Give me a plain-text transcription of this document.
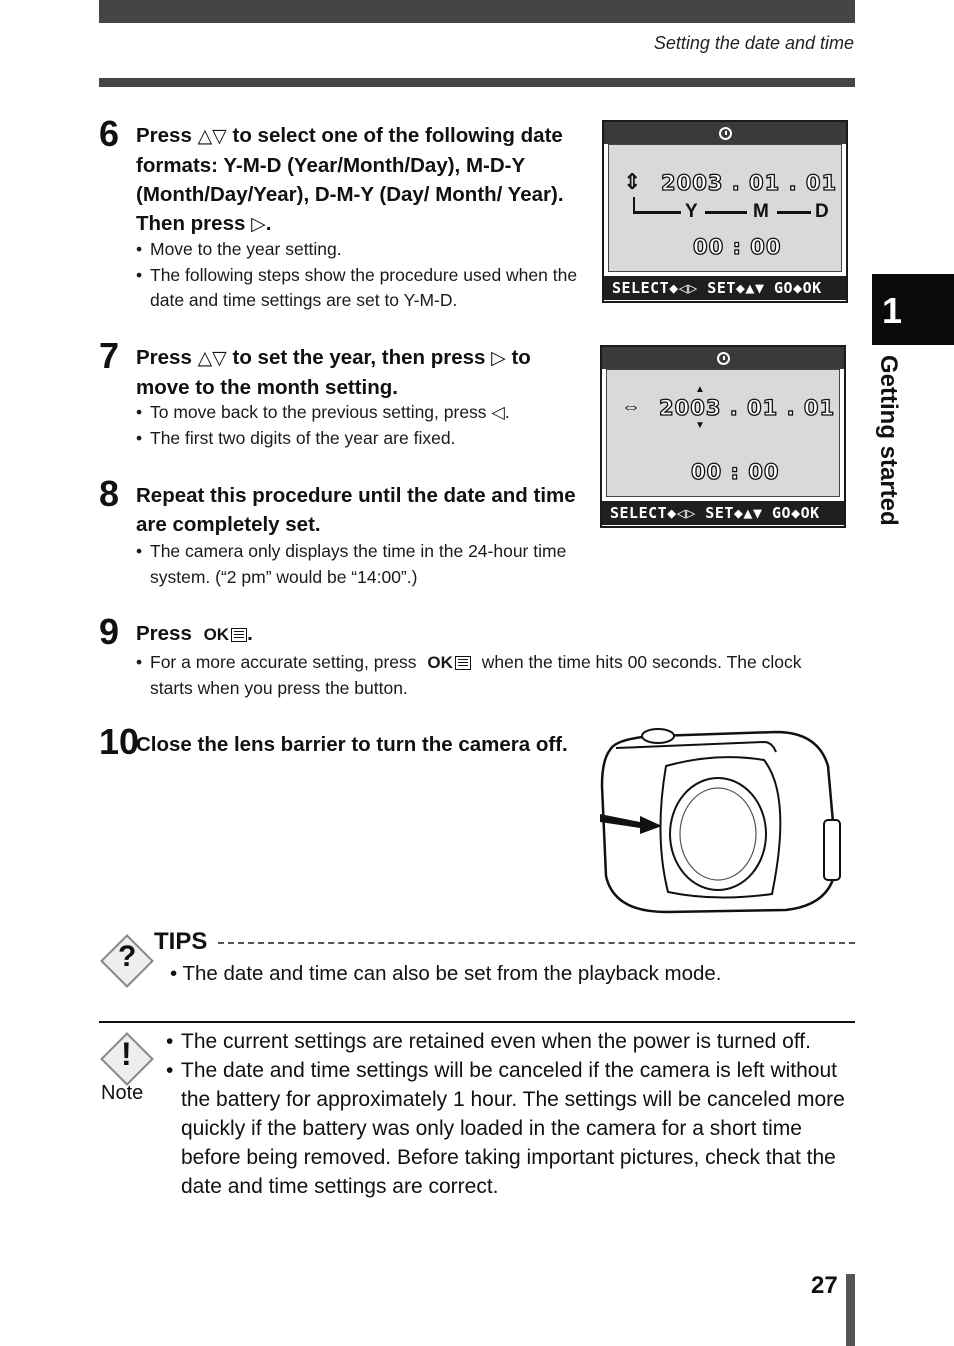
Setting the date and time
1
Getting started
6 Press △▽ to select one of the following date formats: Y-M-D (Year/Month/Day), M-D-Y (Month/Day/Year), D-M-Y (Day/ Month/ Year). Then press ▷.
• Move to the year setting.
• The following steps show the procedure used when the date and time settings are set to Y-M-D.
⇕ 2003 . 01 . 01
Y	M D
00 : 00
SELECT◆◁▷ SET◆▲▼ GO◆OK
7 Press △▽ to set the year, then press ▷ to move to the month setting.
• To move back to the previous setting, press ◁.
• The first two digits of the year are fixed.
⇔
▲
2003 . 01 . 01
▼
00 : 00
SELECT◆◁▷ SET◆▲▼ GO◆OK
8 Repeat this procedure until the date and time are completely set.
• The camera only displays the time in the 24-hour time system. (“2 pm” would be “14:00”.)
9 Press OK .
• For a more accurate setting, press OK when the time hits 00 seconds. The clock starts when you press the button.
10
Close the lens barrier to turn the camera off.
? TIPS
• The date and time can also be set from the playback mode.
!
Note
• The current settings are retained even when the power is turned off.
• The date and time settings will be canceled if the camera is left without the battery for approximately 1 hour. The settings will be canceled more quickly if the battery was only loaded in the camera for a short time before being removed. Before taking important pictures, check that the date and time settings are correct.
27
